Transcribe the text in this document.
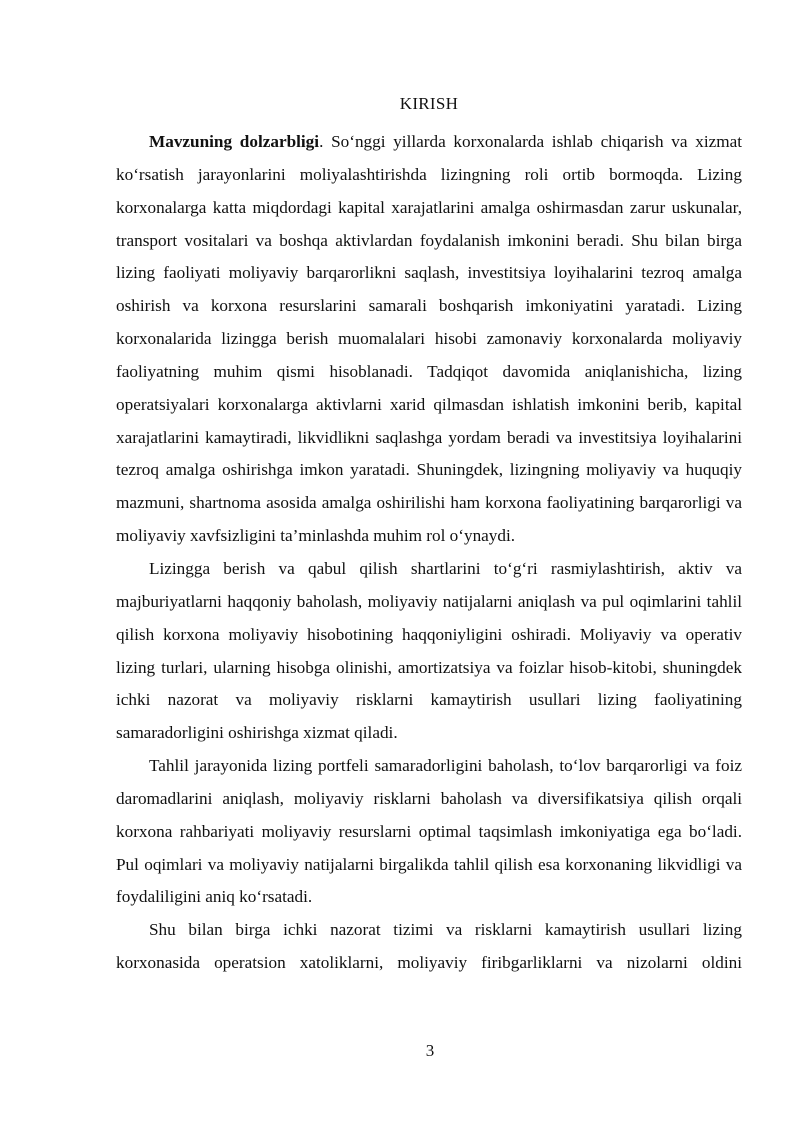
KIRISH

Mavzuning dolzarbligi. So‘nggi yillarda korxonalarda ishlab chiqarish va xizmat ko‘rsatish jarayonlarini moliyalashtirishda lizingning roli ortib bormoqda. Lizing korxonalarga katta miqdordagi kapital xarajatlarini amalga oshirmasdan zarur uskunalar, transport vositalari va boshqa aktivlardan foydalanish imkonini beradi. Shu bilan birga lizing faoliyati moliyaviy barqarorlikni saqlash, investitsiya loyihalarini tezroq amalga oshirish va korxona resurslarini samarali boshqarish imkoniyatini yaratadi. Lizing korxonalarida lizingga berish muomalalari hisobi zamonaviy korxonalarda moliyaviy faoliyatning muhim qismi hisoblanadi. Tadqiqot davomida aniqlanishicha, lizing operatsiyalari korxonalarga aktivlarni xarid qilmasdan ishlatish imkonini berib, kapital xarajatlarini kamaytiradi, likvidlikni saqlashga yordam beradi va investitsiya loyihalarini tezroq amalga oshirishga imkon yaratadi. Shuningdek, lizingning moliyaviy va huquqiy mazmuni, shartnoma asosida amalga oshirilishi ham korxona faoliyatining barqarorligi va moliyaviy xavfsizligini ta’minlashda muhim rol o‘ynaydi.

Lizingga berish va qabul qilish shartlarini to‘g‘ri rasmiylashtirish, aktiv va majburiyatlarni haqqoniy baholash, moliyaviy natijalarni aniqlash va pul oqimlarini tahlil qilish korxona moliyaviy hisobotining haqqoniyligini oshiradi. Moliyaviy va operativ lizing turlari, ularning hisobga olinishi, amortizatsiya va foizlar hisob-kitobi, shuningdek ichki nazorat va moliyaviy risklarni kamaytirish usullari lizing faoliyatining samaradorligini oshirishga xizmat qiladi.

Tahlil jarayonida lizing portfeli samaradorligini baholash, to‘lov barqarorligi va foiz daromadlarini aniqlash, moliyaviy risklarni baholash va diversifikatsiya qilish orqali korxona rahbariyati moliyaviy resurslarni optimal taqsimlash imkoniyatiga ega bo‘ladi. Pul oqimlari va moliyaviy natijalarni birgalikda tahlil qilish esa korxonaning likvidligi va foydaliligini aniq ko‘rsatadi.

Shu bilan birga ichki nazorat tizimi va risklarni kamaytirish usullari lizing korxonasida operatsion xatoliklarni, moliyaviy firibgarliklarni va nizolarni oldini

3
